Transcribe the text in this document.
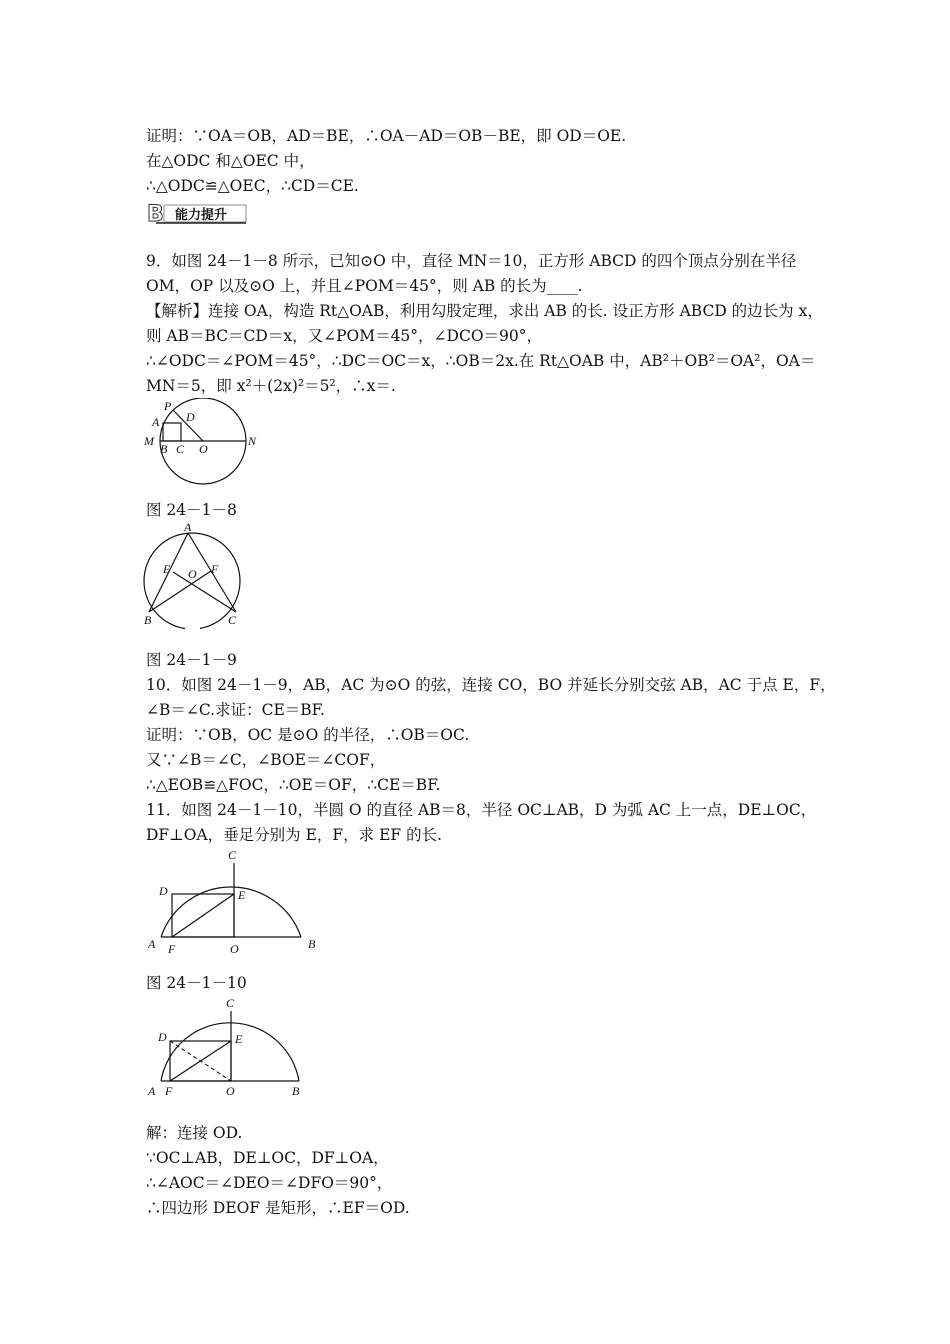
证明：∵OA＝OB，AD＝BE，∴OA－AD＝OB－BE，即 OD＝OE.
在△ODC 和△OEC 中，
∴△ODC≌△OEC，∴CD＝CE.
B 能力提升
9．如图 24－1－8 所示，已知⊙O 中，直径 MN＝10，正方形 ABCD 的四个顶点分别在半径
OM，OP 以及⊙O 上，并且∠POM＝45°，则 AB 的长为____.
【解析】连接 OA，构造 Rt△OAB，利用勾股定理，求出 AB 的长. 设正方形 ABCD 的边长为 x，
则 AB＝BC＝CD＝x，又∠POM＝45°，∠DCO＝90°，
∴∠ODC＝∠POM＝45°，∴DC＝OC＝x，∴OB＝2x.在 Rt△OAB 中，AB²＋OB²＝OA²，OA＝
MN＝5，即 x²＋(2x)²＝5²，∴x＝.
P
D
A
M
B C O
N
图 24－1－8
A
E O F
B	C
图 24－1－9
10．如图 24－1－9，AB，AC 为⊙O 的弦，连接 CO，BO 并延长分别交弦 AB，AC 于点 E，F，
∠B＝∠C.求证：CE＝BF.
证明：∵OB，OC 是⊙O 的半径，∴OB＝OC.
又∵∠B＝∠C，∠BOE＝∠COF，
∴△EOB≌△FOC，∴OE＝OF，∴CE＝BF.
11．如图 24－1－10，半圆 O 的直径 AB＝8，半径 OC⊥AB，D 为弧 AC 上一点，DE⊥OC，
DF⊥OA，垂足分别为 E，F，求 EF 的长.
C
D	E
A F	O	B
图 24－1－10
C
D	E
A F	O	B
解：连接 OD.
∵OC⊥AB，DE⊥OC，DF⊥OA，
∴∠AOC＝∠DEO＝∠DFO＝90°，
∴四边形 DEOF 是矩形，∴EF＝OD.
